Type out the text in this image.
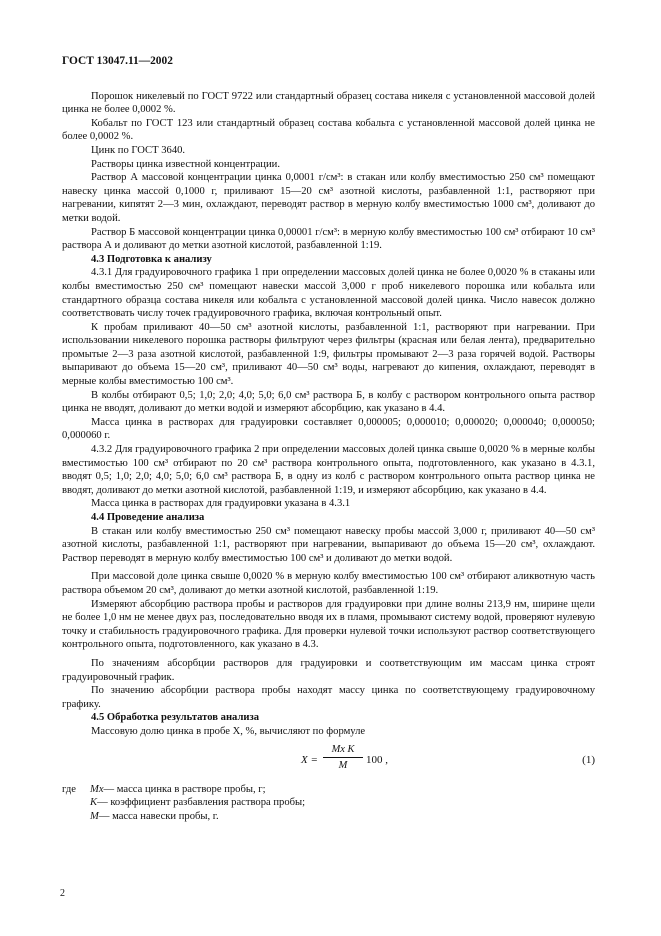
ГОСТ 13047.11—2002

Порошок никелевый по ГОСТ 9722 или стандартный образец состава никеля с установленной массовой долей цинка не более 0,0002 %.

Кобальт по ГОСТ 123 или стандартный образец состава кобальта с установленной массовой долей цинка не более 0,0002 %.

Цинк по ГОСТ 3640.

Растворы цинка известной концентрации.

Раствор А массовой концентрации цинка 0,0001 г/см³: в стакан или колбу вместимостью 250 см³ помещают навеску цинка массой 0,1000 г, приливают 15—20 см³ азотной кислоты, разбавленной 1:1, растворяют при нагревании, кипятят 2—3 мин, охлаждают, переводят раствор в мерную колбу вместимостью 1000 см³, доливают до метки водой.

Раствор Б массовой концентрации цинка 0,00001 г/см³: в мерную колбу вместимостью 100 см³ отбирают 10 см³ раствора А и доливают до метки азотной кислотой, разбавленной 1:19.

4.3 Подготовка к анализу

4.3.1 Для градуировочного графика 1 при определении массовых долей цинка не более 0,0020 % в стаканы или колбы вместимостью 250 см³ помещают навески массой 3,000 г проб никелевого порошка или кобальта или стандартного образца состава никеля или кобальта с установленной массовой долей цинка. Число навесок должно соответствовать числу точек градуировочного графика, включая контрольный опыт.

К пробам приливают 40—50 см³ азотной кислоты, разбавленной 1:1, растворяют при нагревании. При использовании никелевого порошка растворы фильтруют через фильтры (красная или белая лента), предварительно промытые 2—3 раза азотной кислотой, разбавленной 1:9, фильтры промывают 2—3 раза горячей водой. Растворы выпаривают до объема 15—20 см³, приливают 40—50 см³ воды, нагревают до кипения, охлаждают, переводят в мерные колбы вместимостью 100 см³.

В колбы отбирают 0,5; 1,0; 2,0; 4,0; 5,0; 6,0 см³ раствора Б, в колбу с раствором контрольного опыта раствор цинка не вводят, доливают до метки водой и измеряют абсорбцию, как указано в 4.4.

Масса цинка в растворах для градуировки составляет 0,000005; 0,000010; 0,000020; 0,000040; 0,000050; 0,000060 г.

4.3.2 Для градуировочного графика 2 при определении массовых долей цинка свыше 0,0020 % в мерные колбы вместимостью 100 см³ отбирают по 20 см³ раствора контрольного опыта, подготовленного, как указано в 4.3.1, вводят 0,5; 1,0; 2,0; 4,0; 5,0; 6,0 см³ раствора Б, в одну из колб с раствором контрольного опыта раствор цинка не вводят, доливают до метки азотной кислотой, разбавленной 1:19, и измеряют абсорбцию, как указано в 4.4.

Масса цинка в растворах для градуировки указана в 4.3.1

4.4 Проведение анализа

В стакан или колбу вместимостью 250 см³ помещают навеску пробы массой 3,000 г, приливают 40—50 см³ азотной кислоты, разбавленной 1:1, растворяют при нагревании, выпаривают до объема 15—20 см³, охлаждают. Раствор переводят в мерную колбу вместимостью 100 см³ и доливают до метки водой.

При массовой доле цинка свыше 0,0020 % в мерную колбу вместимостью 100 см³ отбирают аликвотную часть раствора объемом 20 см³, доливают до метки азотной кислотой, разбавленной 1:19.

Измеряют абсорбцию раствора пробы и растворов для градуировки при длине волны 213,9 нм, ширине щели не более 1,0 нм не менее двух раз, последовательно вводя их в пламя, промывают систему водой, проверяют нулевую точку и стабильность градуировочного графика. Для проверки нулевой точки используют раствор соответствующего контрольного опыта, подготовленного, как указано в 4.3.

По значениям абсорбции растворов для градуировки и соответствующим им массам цинка строят градуировочный график.

По значению абсорбции раствора пробы находят массу цинка по соответствующему градуировочному графику.

4.5 Обработка результатов анализа

Массовую долю цинка в пробе X, %, вычисляют по формуле

$X = \frac{\text{Mx K}}{M} 100$ ,	(1)
где	Mx — масса цинка в растворе пробы, г;
K — коэффициент разбавления раствора пробы;
M — масса навески пробы, г.
2
